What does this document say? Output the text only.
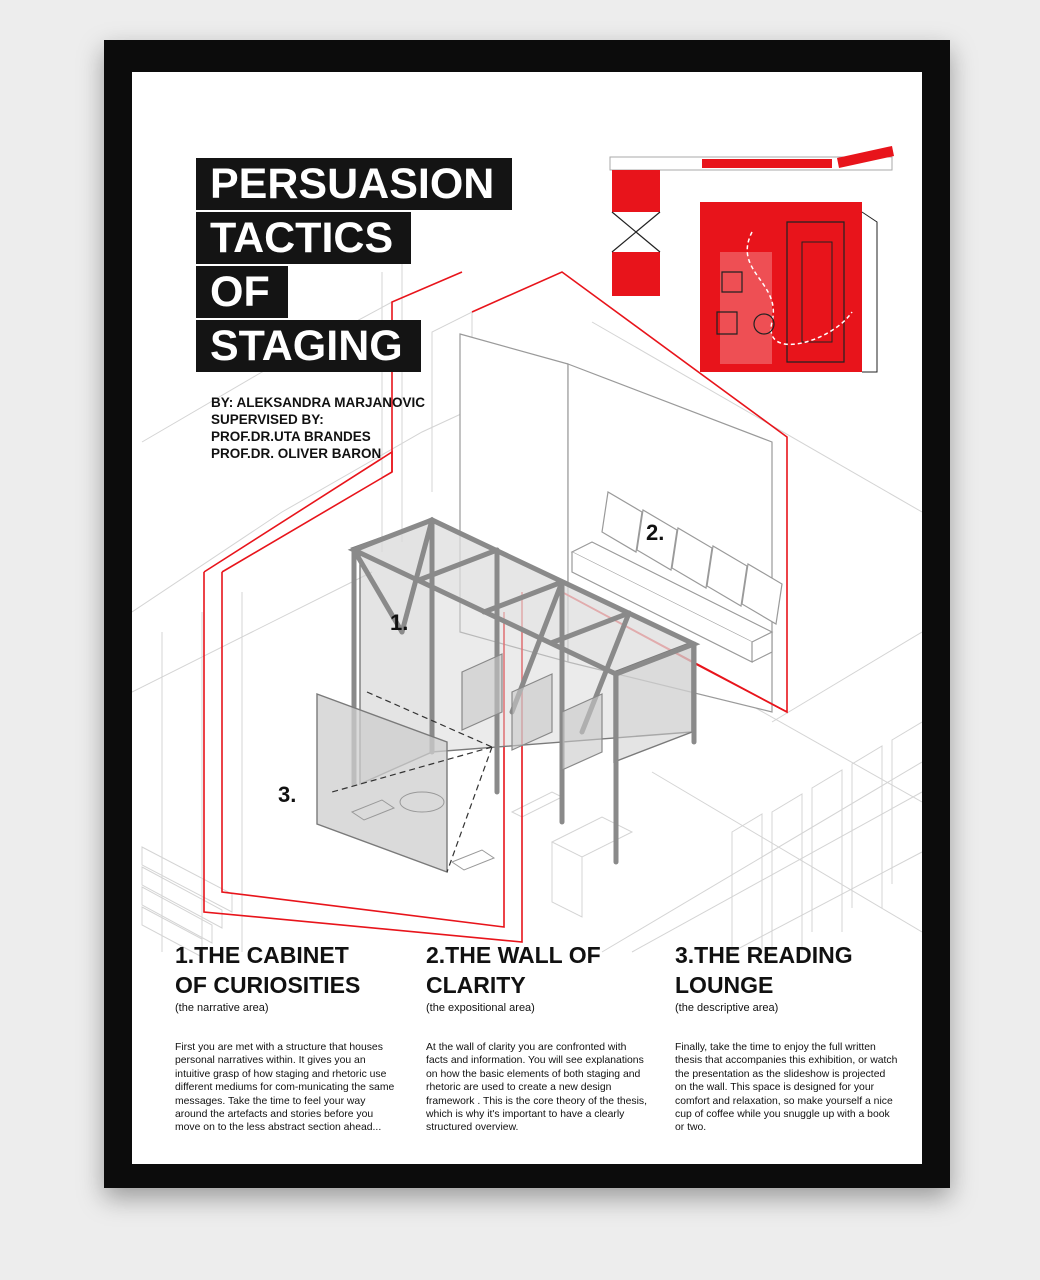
PERSUASION
TACTICS
OF
STAGING
BY: ALEKSANDRA MARJANOVIC
SUPERVISED BY:
PROF.DR.UTA BRANDES
PROF.DR. OLIVER BARON
1.
2.
3.

1.THE CABINET

OF CURIOSITIES

(the narrative area)

First you are met with a structure that houses personal narratives within. It gives you an intuitive grasp of how staging and rhetoric use different mediums for com-municating the same messages. Take the time to feel your way around the artefacts and stories before you move on to the less abstract section ahead...

2.THE WALL OF

CLARITY

(the expositional area)

At the wall of clarity you are confronted with facts and information. You will see explanations on how the basic elements of both staging and rhetoric are used to create a new design framework . This is the core theory of the thesis, which is why it's important to have a clearly structured overview.

3.THE READING

LOUNGE

(the descriptive area)

Finally, take the time to enjoy the full written thesis that accompanies this exhibition, or watch the presentation as the slideshow is projected on the wall. This space is designed for your comfort and relaxation, so make yourself a nice cup of coffee while you snuggle up with a book or two.
